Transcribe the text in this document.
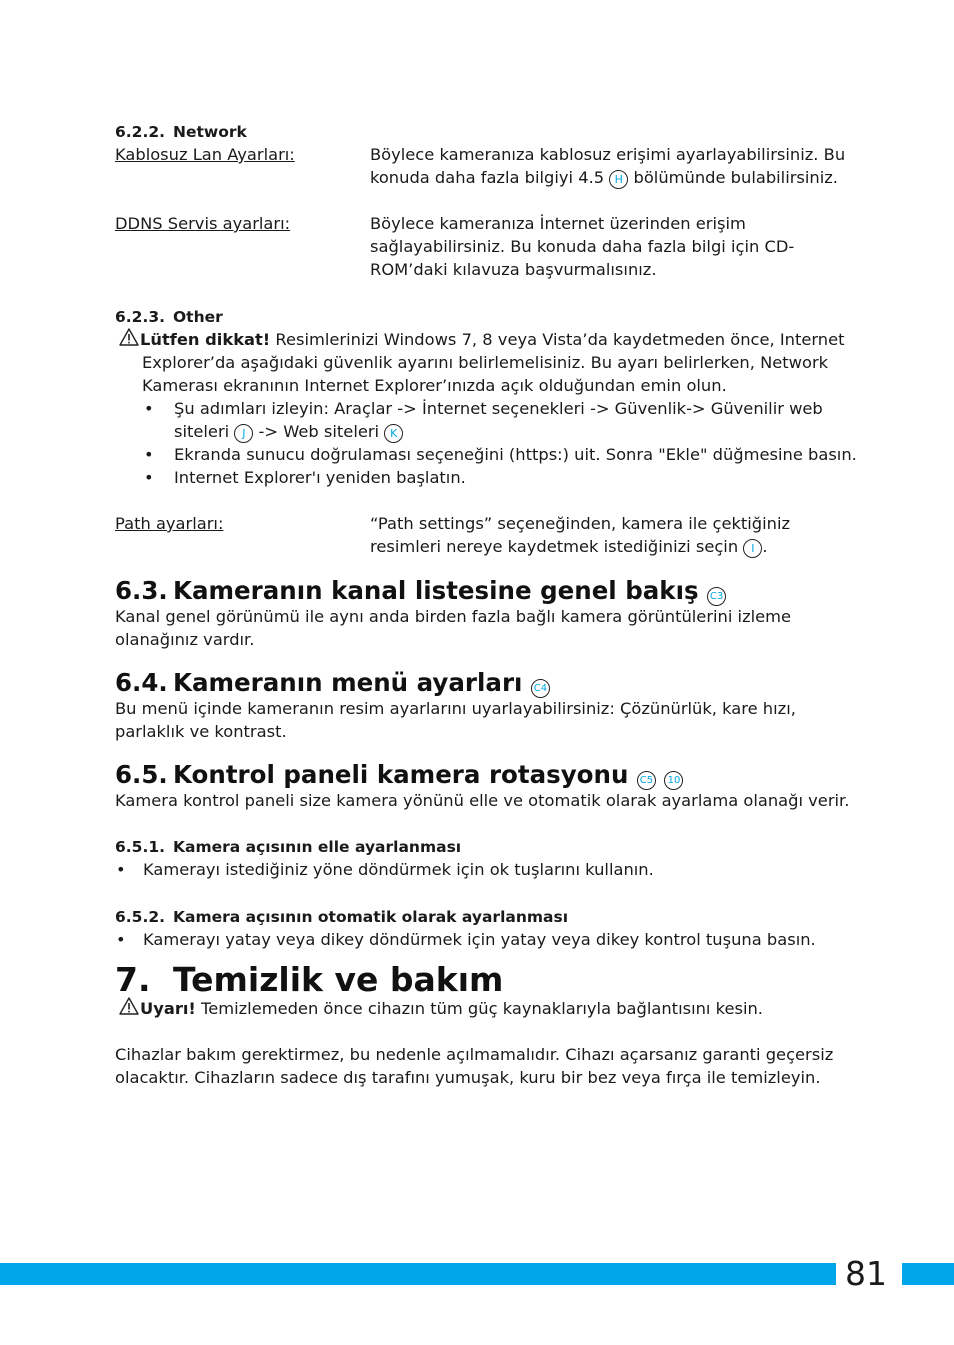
6.2.2. Network
Kablosuz Lan Ayarları:	Böylece kameranıza kablosuz erişimi ayarlayabilirsiniz. Bu
konuda daha fazla bilgiyi 4.5 H bölümünde bulabilirsiniz.
DDNS Servis ayarları:	Böylece kameranıza İnternet üzerinden erişim
sağlayabilirsiniz. Bu konuda daha fazla bilgi için CD-
ROM’daki kılavuza başvurmalısınız.
6.2.3. Other
Lütfen dikkat! Resimlerinizi Windows 7, 8 veya Vista’da kaydetmeden önce, Internet
Explorer’da aşağıdaki güvenlik ayarını belirlemelisiniz. Bu ayarı belirlerken, Network
Kamerası ekranının Internet Explorer’ınızda açık olduğundan emin olun.
• Şu adımları izleyin: Araçlar -> İnternet seçenekleri -> Güvenlik-> Güvenilir web
siteleri J -> Web siteleri K
• Ekranda sunucu doğrulaması seçeneğini (https:) uit. Sonra "Ekle" düğmesine basın.
• Internet Explorer'ı yeniden başlatın.
Path ayarları:	“Path settings” seçeneğinden, kamera ile çektiğiniz
resimleri nereye kaydetmek istediğinizi seçin I .
6.3. Kameranın kanal listesine genel bakış C3
Kanal genel görünümü ile aynı anda birden fazla bağlı kamera görüntülerini izleme
olanağınız vardır.
6.4. Kameranın menü ayarları C4
Bu menü içinde kameranın resim ayarlarını uyarlayabilirsiniz: Çözünürlük, kare hızı,
parlaklık ve kontrast.
6.5. Kontrol paneli kamera rotasyonu C5 10
Kamera kontrol paneli size kamera yönünü elle ve otomatik olarak ayarlama olanağı verir.
6.5.1. Kamera açısının elle ayarlanması
• Kamerayı istediğiniz yöne döndürmek için ok tuşlarını kullanın.
6.5.2. Kamera açısının otomatik olarak ayarlanması
• Kamerayı yatay veya dikey döndürmek için yatay veya dikey kontrol tuşuna basın.
7. Temizlik ve bakım
Uyarı! Temizlemeden önce cihazın tüm güç kaynaklarıyla bağlantısını kesin.
Cihazlar bakım gerektirmez, bu nedenle açılmamalıdır. Cihazı açarsanız garanti geçersiz
olacaktır. Cihazların sadece dış tarafını yumuşak, kuru bir bez veya fırça ile temizleyin.
81
